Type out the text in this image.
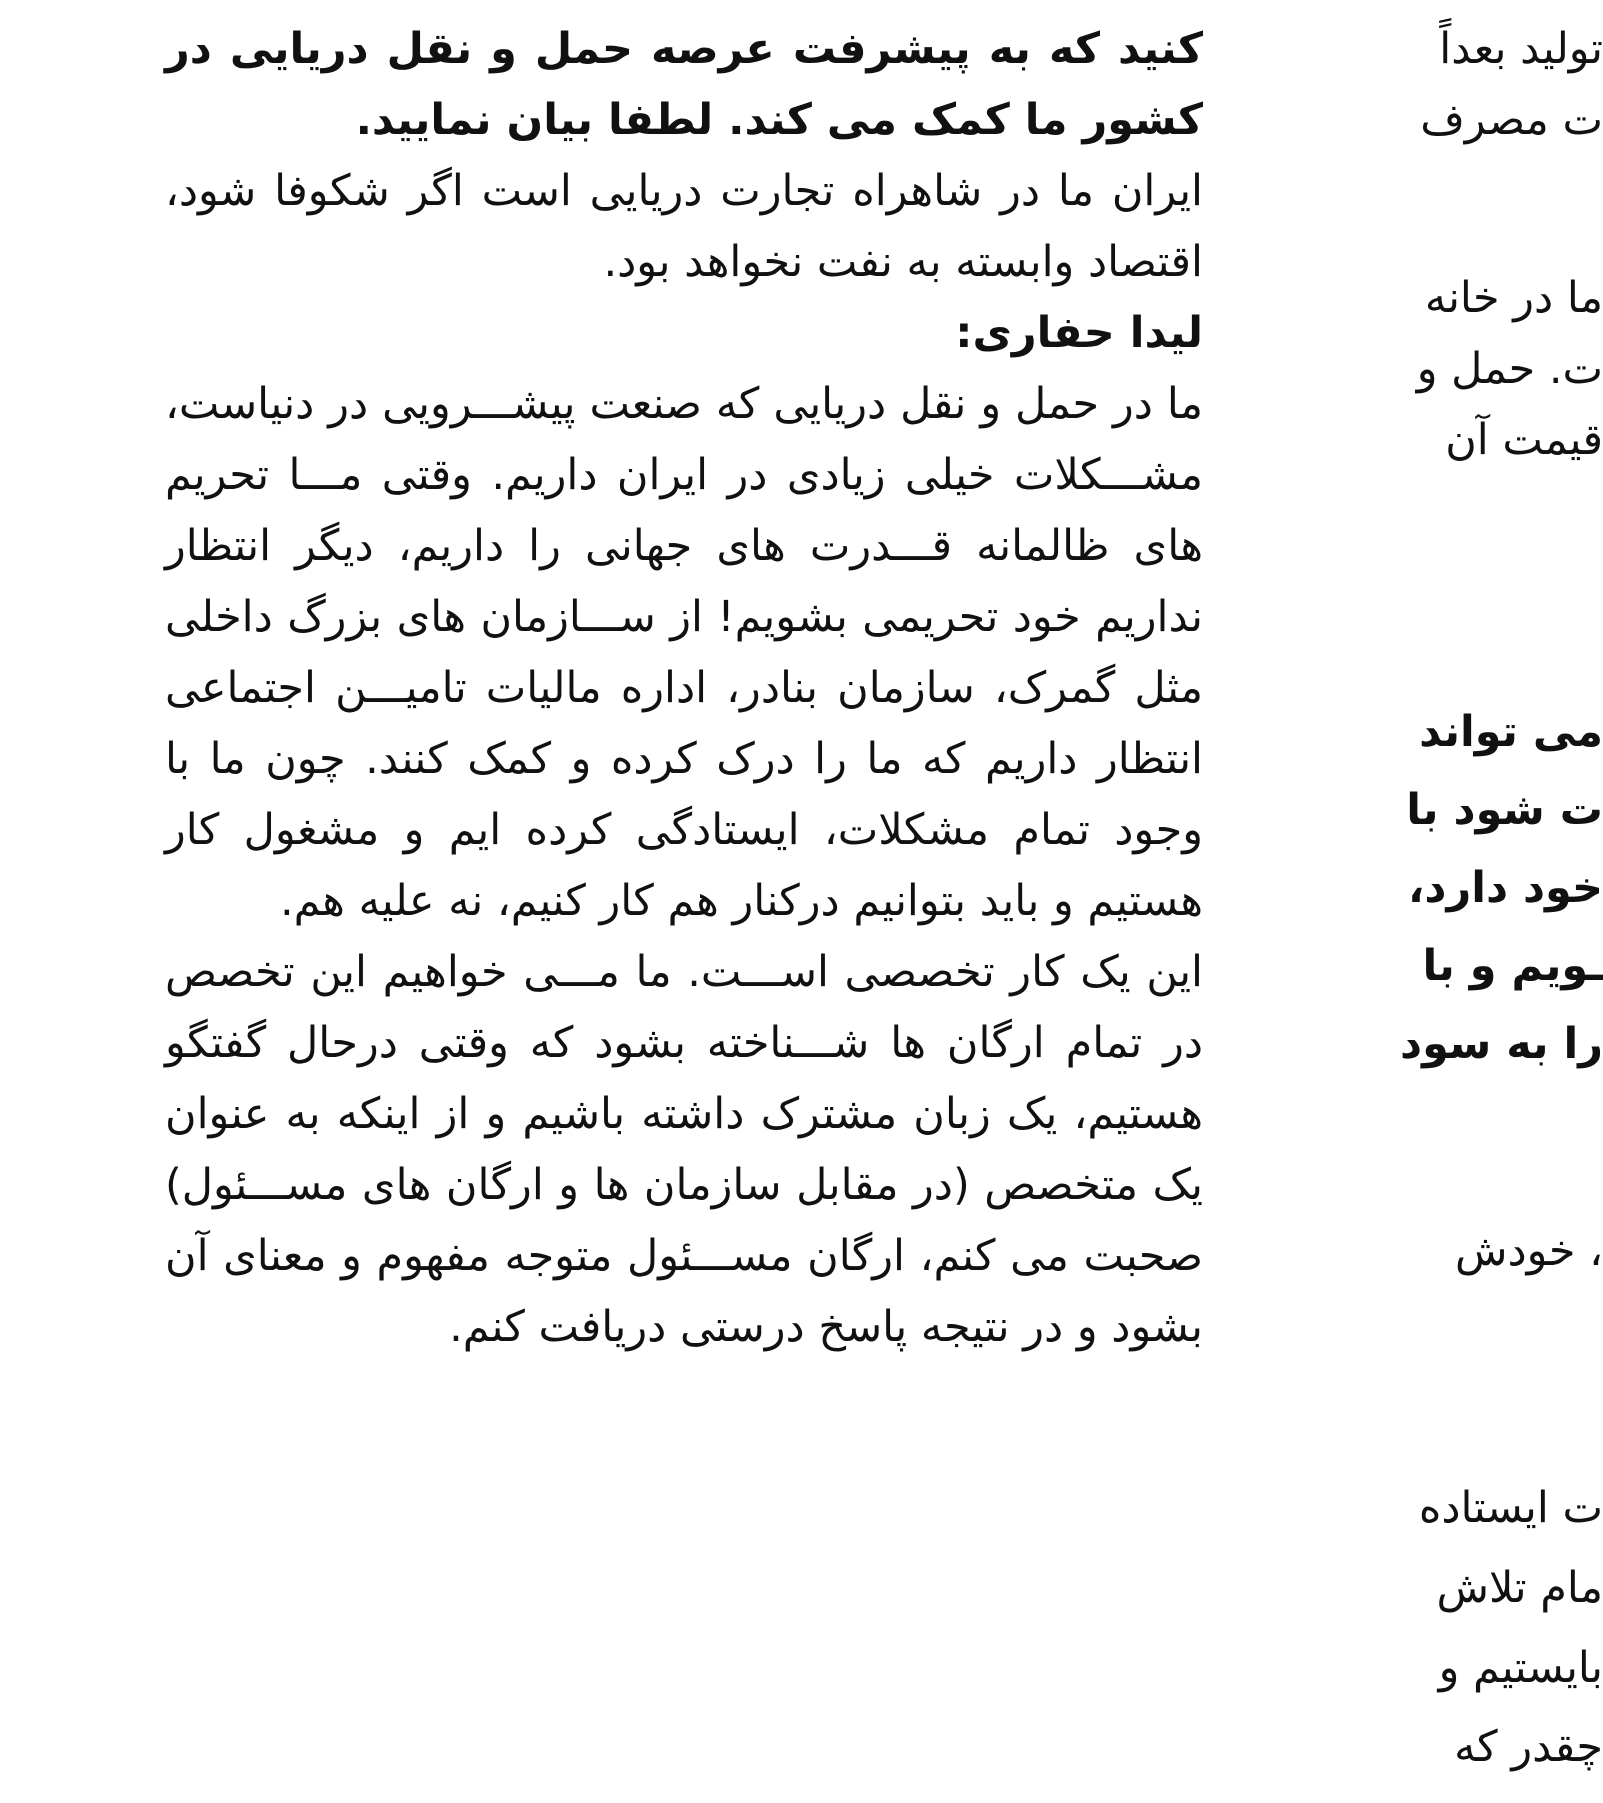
کنید که به پیشرفت عرصه حمل و نقل دریایی در کشور ما کمک می کند. لطفا بیان نمایید.

ایران ما در شاهراه تجارت دریایی است اگر شکوفا شود، اقتصاد وابسته به نفت نخواهد بود.

لیدا حفاری:

ما در حمل و نقل دریایی که صنعت پیشـــرویی در دنیاست، مشـــکلات خیلی زیادی در ایران داریم. وقتی مـــا تحریم های ظالمانه قـــدرت های جهانی را داریم، دیگر انتظار نداریم خود تحریمی بشویم! از ســـازمان های بزرگ داخلی مثل گمرک، سازمان بنادر، اداره مالیات تامیـــن اجتماعی انتظار داریم که ما را درک کرده و کمک کنند. چون ما با وجود تمام مشکلات، ایستادگی کرده ایم و مشغول کار هستیم و باید بتوانیم درکنار هم کار کنیم، نه علیه هم.

این یک کار تخصصی اســـت. ما مـــی خواهیم این تخصص در تمام ارگان ها شـــناخته بشود که وقتی درحال گفتگو هستیم، یک زبان مشترک داشته باشیم و از اینکه به عنوان یک متخصص (در مقابل سازمان ها و ارگان های مســـئول) صحبت می کنم، ارگان مســـئول متوجه مفهوم و معنای آن بشود و در نتیجه پاسخ درستی دریافت کنم.

تولید بعداً
ت مصرف
ما در خانه
ت. حمل و
قیمت آن
می تواند
ت شود با
خود دارد،
ـویم و با
را به سود
، خودش
ت ایستاده
مام تلاش
بایستیم و
چقدر که
